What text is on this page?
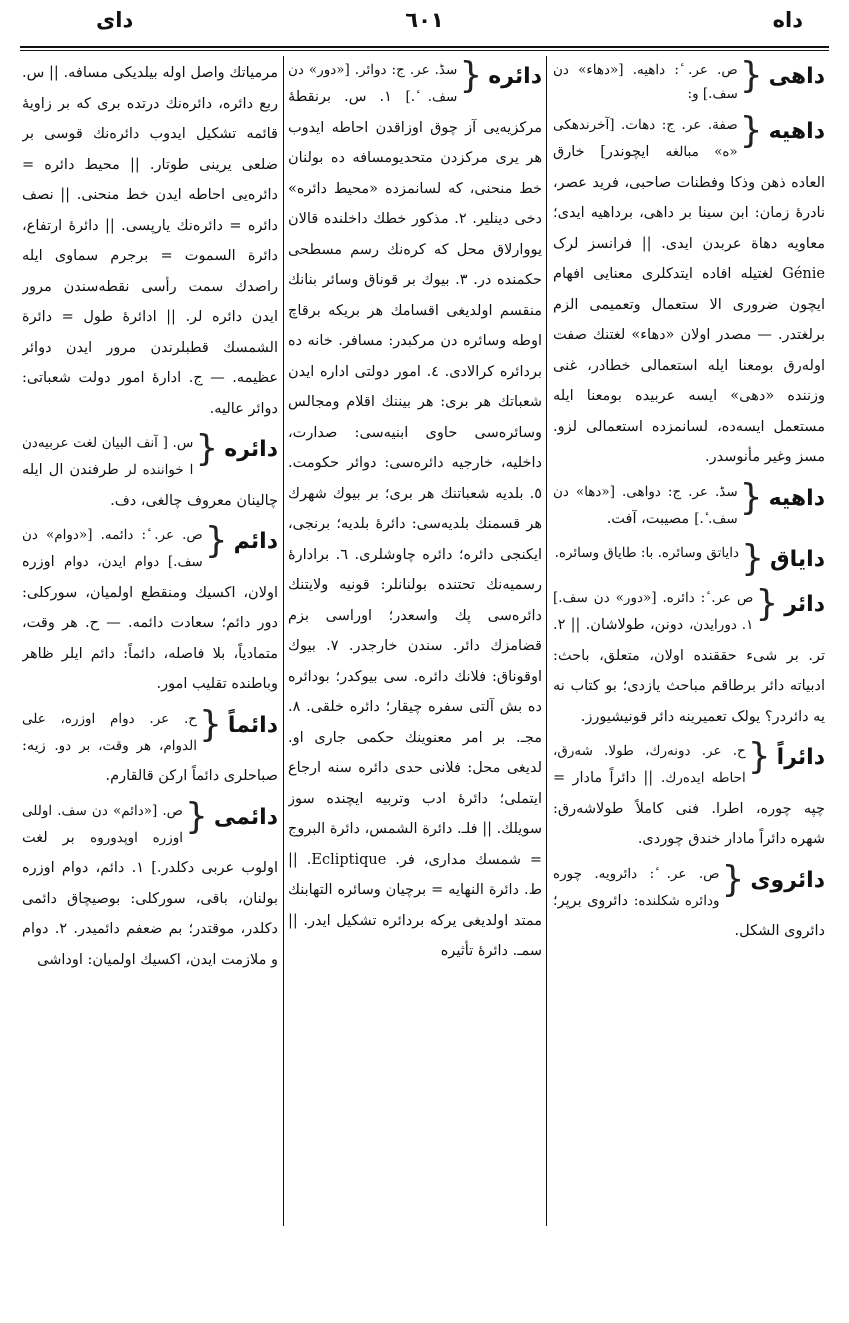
داه
٦٠١
دای
داهی
{
ص. عر. ٔ: داهیه. [«دهاء» دن سف.] و:
داهیه
{
صفة. عر. ج: دهات. [آخرندهکی «ه» مبالغه ایچوندر] خارق العاده ذهن وذکا وفطنات صاحبی، فرید عصر، نادرهٔ زمان: ابن سینا بر داهی، برداهیه ایدی؛ معاویه دهاة عربدن ایدی. || فرانسز لرک Génie لغتیله افاده ایتدکلری معنایی افهام ایچون ضروری الا ستعمال وتعمیمی الزم برلغتدر. — مصدر اولان «دهاء» لغتنك صفت اولەرق بومعنا ایله استعمالی خطادر، غنی وزننده «دهی» ایسه عربیده بومعنا ایله مستعمل ایسەده، لسانمزده استعمالی لزو. مسز وغیر مأنوسدر.
داهیه
{
سڈ. عر. ج: دواهی. [«دها» دن سف. ٔ.] مصیبت، آفت.
دایاق
{
دایاتق وسائره. با: طایاق وسائره.
دائر
{
ص عر. ٔ: دائره. [«دور» دن سف.] ١. دورایدن، دونن، طولاشان. || ٢. تر. بر شیء حققنده اولان، متعلق، باحث: ادبیاته دائر برطاقم مباحث یازدی؛ بو کتاب نه یه دائردر؟ یولک تعمیرینه دائر قونیشیورز.
دائراً
{
ح. عر. دونەرك، طولا. شەرق، احاطه ایدەرك. || دائراً مادار = چپه چوره، اطرا. فنی کاملاً طولاشەرق: شهره دائراً مادار خندق چوردی.
دائروی
{
ص. عر. ٔ: دائرویه. چوره ودائره شکلنده: دائروی برپر؛ دائروی الشکل.
دائره
{
سڈ. عر. ج: دوائر. [«دور» دن سف. ٔ.] ١. س. برنقطۀ مرکزیەیی آز چوق اوزاقدن احاطه ایدوب هر یری مرکزدن متحدیومسافه ده بولنان خط منحنی، که لسانمزده «محیط دائره» دخی دینلیر. ٢. مذکور خطك داخلنده قالان یووارلاق محل که کرەنك رسم مسطحی حکمنده در. ٣. بیوك بر قوناق وسائر بنانك منقسم اولدیغی اقسامك هر بریکه برقاچ اوطه وسائره دن مرکبدر: مسافر. خانه ده بردائره کرالادی. ٤. امور دولتی اداره ایدن شعباتك هر بری: هر بیننك اقلام ومجالس وسائرەسی حاوی ابنیەسی: صدارت، داخلیه، خارجیه دائرەسی: دوائر حکومت. ٥. بلدیه شعباتنك هر بری؛ بر بیوك شهرك هر قسمنك بلدیەسی: دائرهٔ بلدیه؛ برنجی، ایکنجی دائره؛ دائره چاوشلری. ٦. برادارۀ رسمیەنك تحتنده بولنانلر: قونیه ولایتنك دائرەسی پك واسعدر؛ اوراسی بزم قضامزك دائر. سندن خارجدر. ٧. بیوك اوقوناق: فلانك دائره. سی بیوکدر؛ بودائره ده بش آلتی سفره چیقار؛ دائره خلقی. ٨. مجـ. بر امر معنوینك حکمی جاری او. لدیغی محل: فلانی حدی دائره سنه ارجاع ایتملی؛ دائرهٔ ادب وتربیه ایچنده سوز سویلك. || فلـ. دائرة الشمس، دائرة البروج = شمسك مداری، فر. Ecliptique. || ط. دائرة النهایه = برچیان وسائره التهابنك ممتد اولدیغی یرکه بردائره تشکیل ایدر. || سمـ. دائرهٔ تأثیره
مرمیاتك واصل اوله بیلدیکی مسافه. || س. ربع دائره، دائرەنك درتده بری که بر زاویهٔ قائمه تشکیل ایدوب دائرەنك قوسی بر ضلعی یرینی طوتار. || محیط دائره = دائرەیی احاطه ایدن خط منحنی. || نصف دائره = دائرەنك یارپسی. || دائرهٔ ارتفاع، دائرة السموت = برجرم سماوی ایله راصدك سمت رأسی نقطەسندن مرور ایدن دائره لر. || ادائرهٔ طول = دائرة الشمسك قطبلرندن مرور ایدن دوائر عظیمه. — ج. ادارهٔ امور دولت شعباتی: دوائر عالیه.
دائره
{
س. [ آنف البیان لغت عربیەدن ا خواننده لر طرفندن ال ایله چالینان معروف چالغی، دف.
دائم
{
ص. عر. ٔ: دائمه. [«دوام» دن سف.] دوام ایدن، دوام اوزره اولان، اکسیك ومنقطع اولمیان، سورکلی: دور دائم؛ سعادت دائمه. — ح. هر وقت، متمادیاً، بلا فاصله، دائماً: دائم ایلر ظاهر وباطنده تقلیب امور.
دائماً
{
ح. عر. دوام اوزره، علی الدوام، هر وقت، بر دو. زیه: صباحلری دائماً ارکن قالقارم.
دائمی
{
ص. [«دائم» دن سف. اوللی اوزره اوپدوروه بر لغت اولوب عربی دکلدر.] ١. دائم، دوام اوزره بولنان، باقی، سورکلی: بوصیچاق دائمی دکلدر، موقتدر؛ بم ضعفم دائمیدر. ٢. دوام و ملازمت ایدن، اکسیك اولمیان: اوداشی
